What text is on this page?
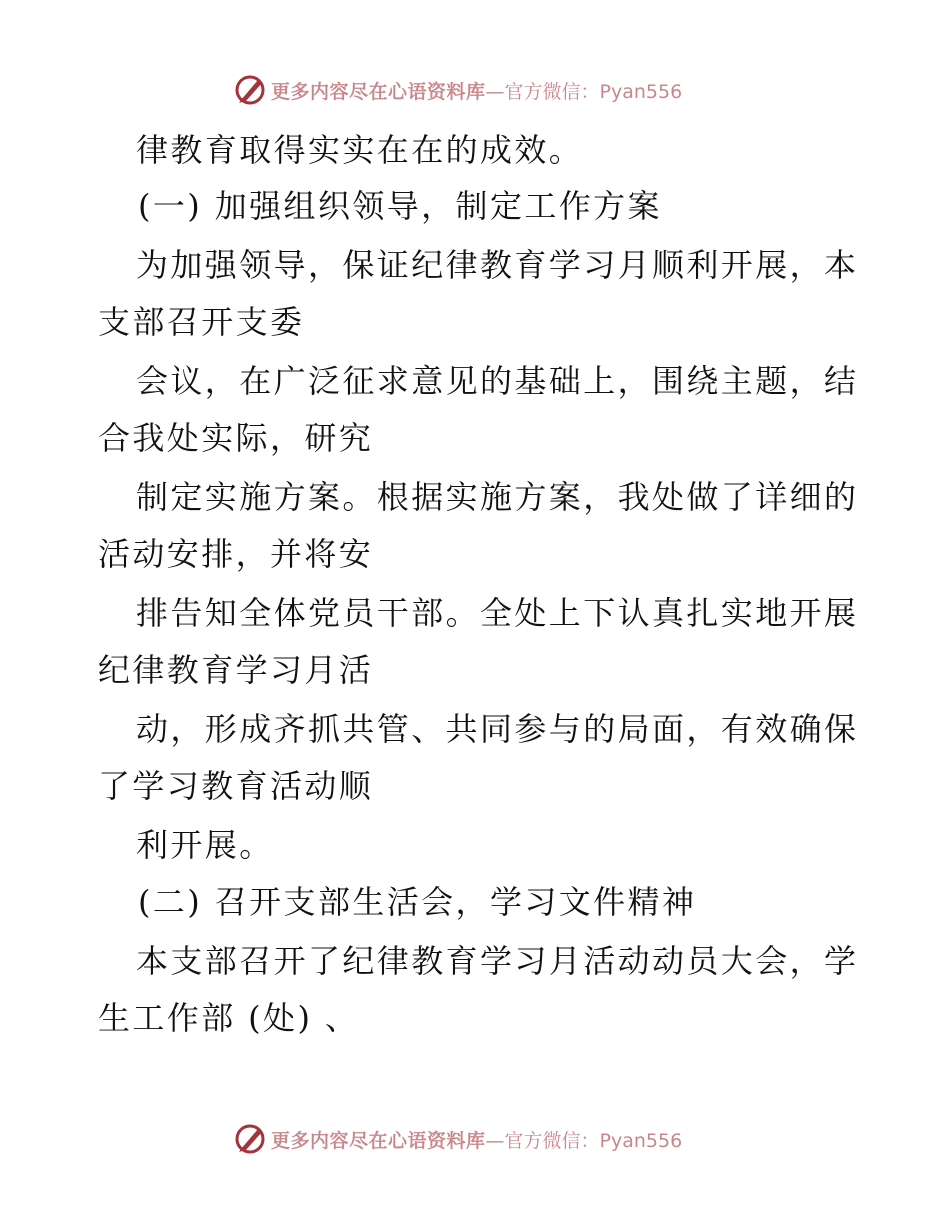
更多内容尽在心语资料库 —官方微信：Pyan556
律教育取得实实在在的成效。
(一) 加强组织领导，制定工作方案
为加强领导，保证纪律教育学习月顺利开展，本
支部召开支委
会议，在广泛征求意见的基础上，围绕主题，结
合我处实际，研究
制定实施方案。根据实施方案，我处做了详细的
活动安排，并将安
排告知全体党员干部。全处上下认真扎实地开展
纪律教育学习月活
动，形成齐抓共管、共同参与的局面，有效确保
了学习教育活动顺
利开展。
(二) 召开支部生活会，学习文件精神
本支部召开了纪律教育学习月活动动员大会，学
生工作部 (处) 、
更多内容尽在心语资料库 —官方微信：Pyan556
